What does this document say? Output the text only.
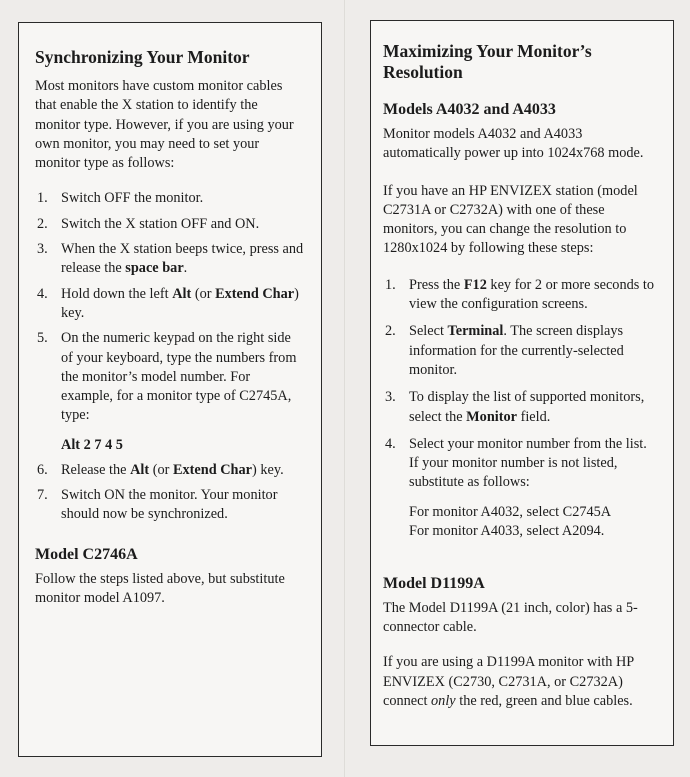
Synchronizing Your Monitor

Most monitors have custom monitor cables that enable the X station to identify the monitor type. However, if you are using your own monitor, you may need to set your monitor type as follows:

1. Switch OFF the monitor.
2. Switch the X station OFF and ON.
3. When the X station beeps twice, press and release the space bar.
4. Hold down the left Alt (or Extend Char) key.
5. On the numeric keypad on the right side of your keyboard, type the numbers from the monitor’s model number. For example, for a monitor type of C2745A, type:
Alt 2 7 4 5
6. Release the Alt (or Extend Char) key.
7. Switch ON the monitor. Your monitor should now be synchronized.
Model C2746A

Follow the steps listed above, but substitute monitor model A1097.

Maximizing Your Monitor’s Resolution
Models A4032 and A4033

Monitor models A4032 and A4033 automatically power up into 1024x768 mode.

If you have an HP ENVIZEX station (model C2731A or C2732A) with one of these monitors, you can change the resolution to 1280x1024 by following these steps:

1. Press the F12 key for 2 or more seconds to view the configuration screens.
2. Select Terminal. The screen displays information for the currently-selected monitor.
3. To display the list of supported monitors, select the Monitor field.
4. Select your monitor number from the list. If your monitor number is not listed, substitute as follows:

For monitor A4032, select C2745A

For monitor A4033, select A2094.

Model D1199A

The Model D1199A (21 inch, color) has a 5-connector cable.

If you are using a D1199A monitor with HP ENVIZEX (C2730, C2731A, or C2732A) connect only the red, green and blue cables.
